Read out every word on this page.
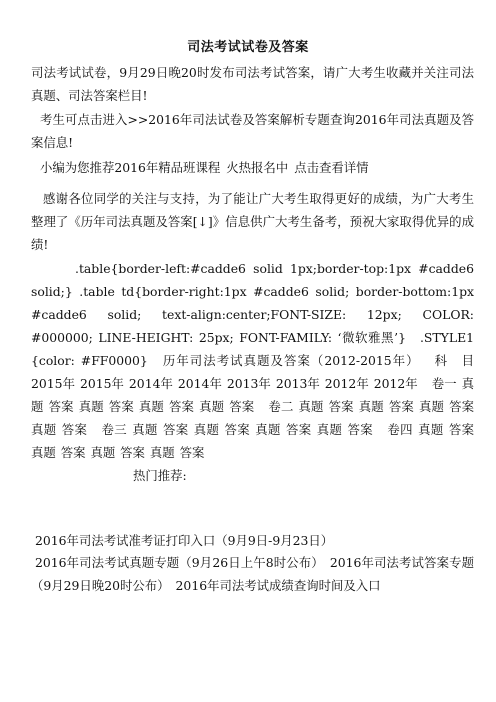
司法考试试卷及答案

司法考试试卷，9月29日晚20时发布司法考试答案，请广大考生收藏并关注司法真题、司法答案栏目!

考生可点击进入>>2016年司法试卷及答案解析专题查询2016年司法真题及答案信息!

小编为您推荐2016年精品班课程 火热报名中 点击查看详情

感谢各位同学的关注与支持，为了能让广大考生取得更好的成绩，为广大考生整理了《历年司法真题及答案[↓]》信息供广大考生备考，预祝大家取得优异的成绩!

.table{border-left:#cadde6 solid 1px;border-top:1px #cadde6 solid;} .table td{border-right:1px #cadde6 solid; border-bottom:1px #cadde6 solid; text-align:center;FONT-SIZE: 12px; COLOR: #000000; LINE-HEIGHT: 25px; FONT-FAMILY: ‘微软雅黑’} .STYLE1 {color: #FF0000} 历年司法考试真题及答案（2012-2015年） 科　目 2015年 2015年 2014年 2014年 2013年 2013年 2012年 2012年 卷一 真题 答案 真题 答案 真题 答案 真题 答案 卷二 真题 答案 真题 答案 真题 答案 真题 答案 卷三 真题 答案 真题 答案 真题 答案 真题 答案 卷四 真题 答案 真题 答案 真题 答案 真题 答案
热门推荐:

2016年司法考试准考证打印入口（9月9日-9月23日）

2016年司法考试真题专题（9月26日上午8时公布） 2016年司法考试答案专题（9月29日晚20时公布） 2016年司法考试成绩查询时间及入口
